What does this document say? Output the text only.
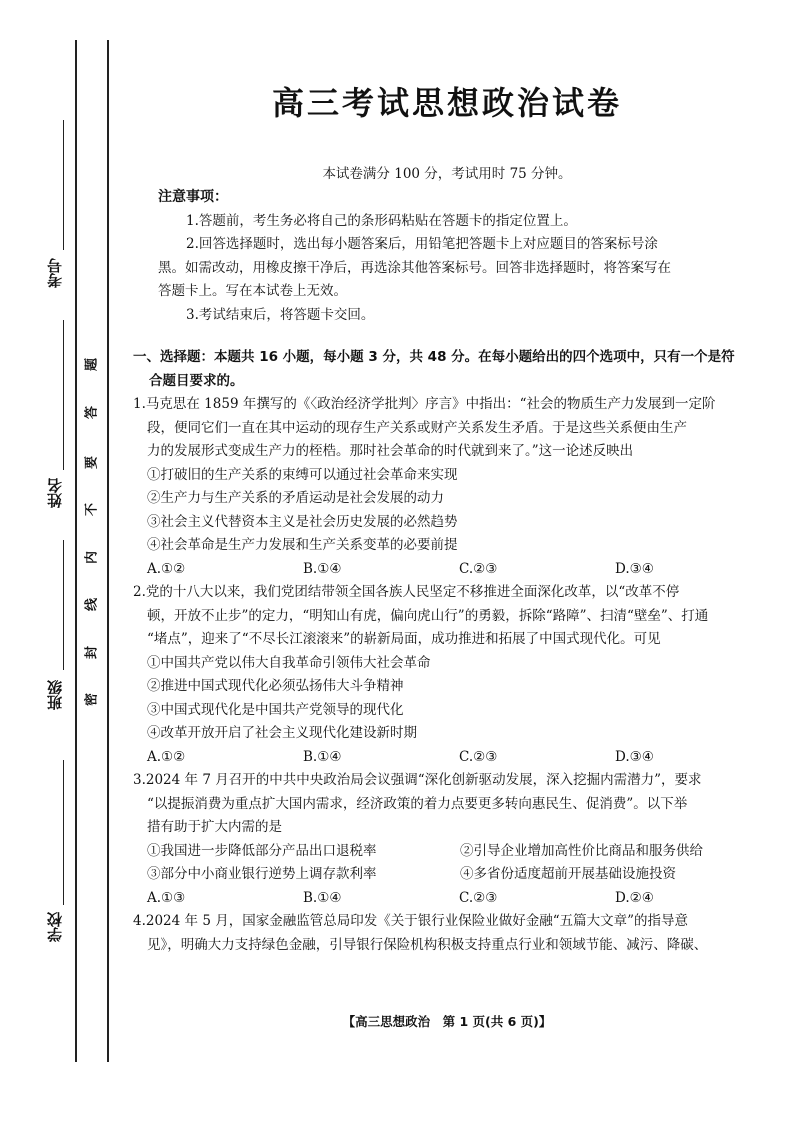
考号
姓名
班级
学校
题
答
要
不
内
线
封
密
高三考试思想政治试卷
本试卷满分 100 分，考试用时 75 分钟。
注意事项：
1.答题前，考生务必将自己的条形码粘贴在答题卡的指定位置上。
2.回答选择题时，选出每小题答案后，用铅笔把答题卡上对应题目的答案标号涂
黑。如需改动，用橡皮擦干净后，再选涂其他答案标号。回答非选择题时，将答案写在
答题卡上。写在本试卷上无效。
3.考试结束后，将答题卡交回。
一、选择题：本题共 16 小题，每小题 3 分，共 48 分。在每小题给出的四个选项中，只有一个是符
合题目要求的。
1.马克思在 1859 年撰写的《〈政治经济学批判〉序言》中指出：“社会的物质生产力发展到一定阶
段，便同它们一直在其中运动的现存生产关系或财产关系发生矛盾。于是这些关系便由生产
力的发展形式变成生产力的桎梏。那时社会革命的时代就到来了。”这一论述反映出
①打破旧的生产关系的束缚可以通过社会革命来实现
②生产力与生产关系的矛盾运动是社会发展的动力
③社会主义代替资本主义是社会历史发展的必然趋势
④社会革命是生产力发展和生产关系变革的必要前提
A.①②	B.①④	C.②③	D.③④
2.党的十八大以来，我们党团结带领全国各族人民坚定不移推进全面深化改革，以“改革不停
顿，开放不止步”的定力，“明知山有虎，偏向虎山行”的勇毅，拆除“路障”、扫清“壁垒”、打通
“堵点”，迎来了“不尽长江滚滚来”的崭新局面，成功推进和拓展了中国式现代化。可见
①中国共产党以伟大自我革命引领伟大社会革命
②推进中国式现代化必须弘扬伟大斗争精神
③中国式现代化是中国共产党领导的现代化
④改革开放开启了社会主义现代化建设新时期
A.①②	B.①④	C.②③	D.③④
3.2024 年 7 月召开的中共中央政治局会议强调“深化创新驱动发展，深入挖掘内需潜力”，要求
“以提振消费为重点扩大国内需求，经济政策的着力点要更多转向惠民生、促消费”。以下举
措有助于扩大内需的是
①我国进一步降低部分产品出口退税率	②引导企业增加高性价比商品和服务供给
③部分中小商业银行逆势上调存款利率	④多省份适度超前开展基础设施投资
A.①③	B.①④	C.②③	D.②④
4.2024 年 5 月，国家金融监管总局印发《关于银行业保险业做好金融“五篇大文章”的指导意
见》，明确大力支持绿色金融，引导银行保险机构积极支持重点行业和领域节能、减污、降碳、
【高三思想政治　第 1 页(共 6 页)】
